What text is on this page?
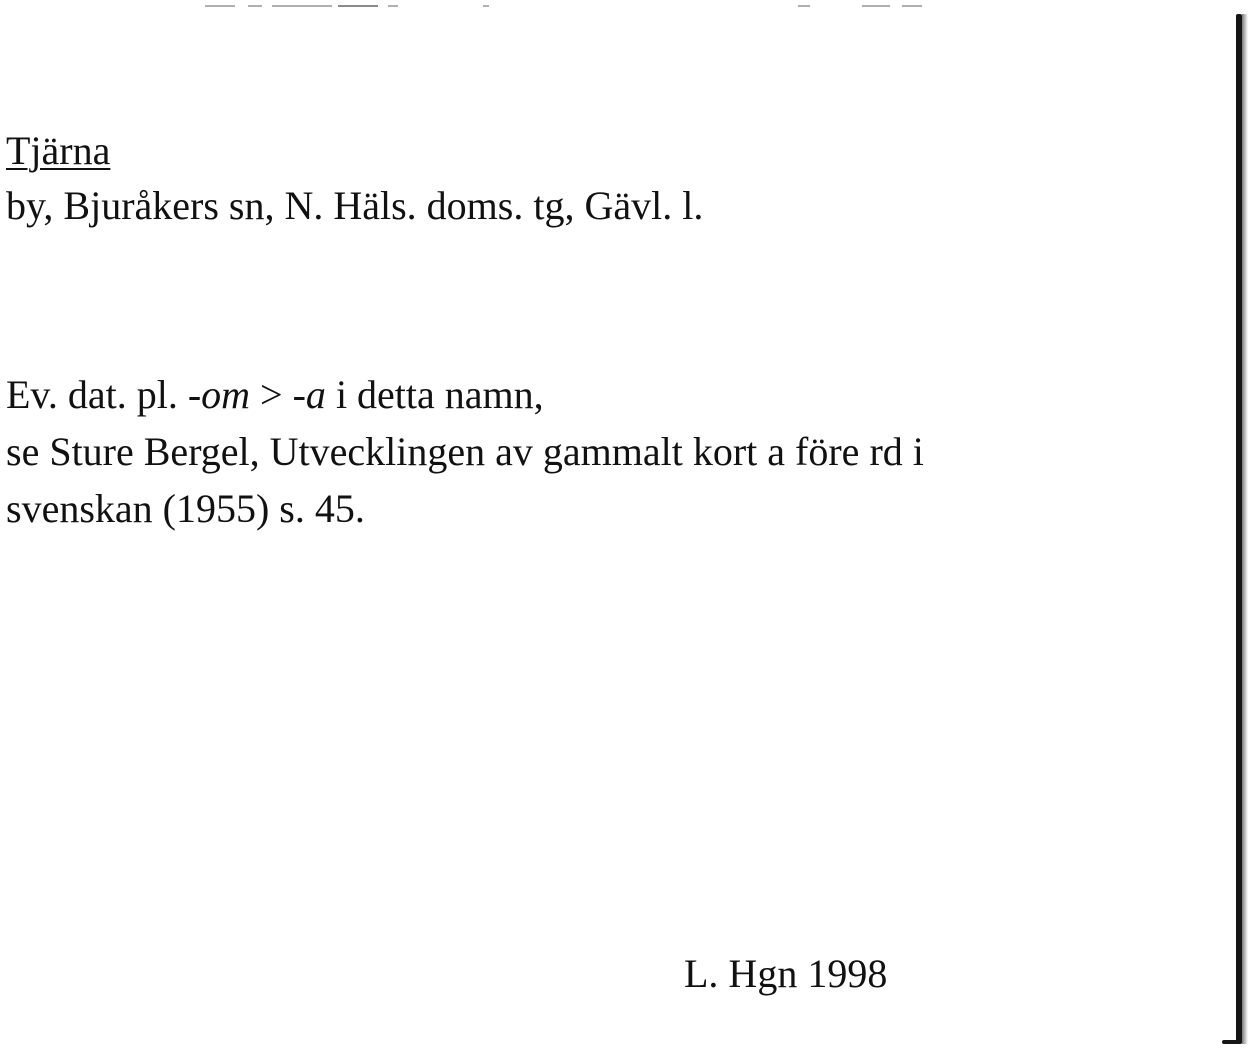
Tjärna
by, Bjuråkers sn, N. Häls. doms. tg, Gävl. l.
Ev. dat. pl. -om > -a i detta namn,
se Sture Bergel, Utvecklingen av gammalt kort a före rd i
svenskan (1955) s. 45.
L. Hgn 1998
